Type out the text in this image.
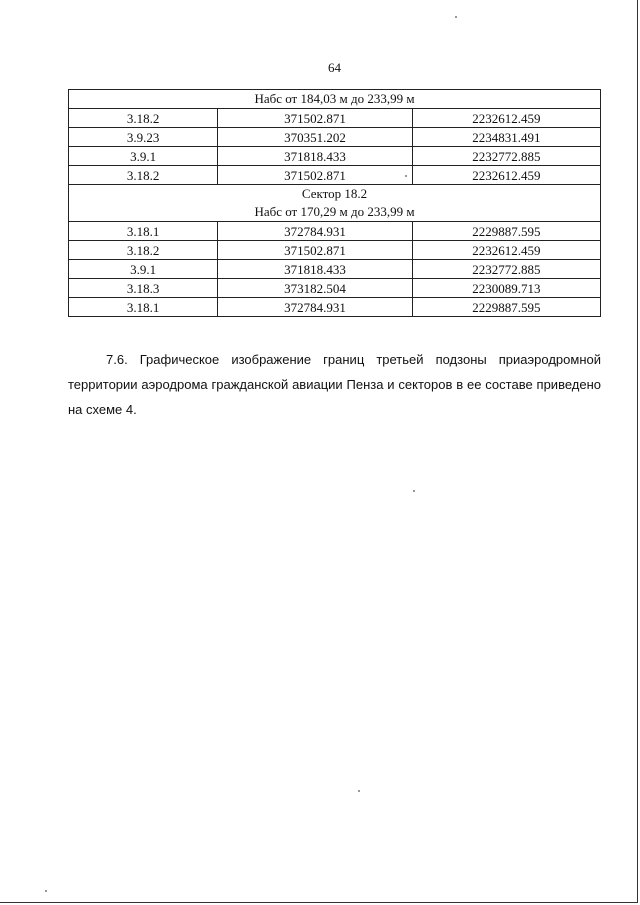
64
Набс от 184,03 м до 233,99 м		

3.18.2	371502.871	2232612.459
3.9.23	370351.202	2234831.491
3.9.1	371818.433	2232772.885
3.18.2	371502.871	2232612.459

Сектор 18.2
Набс от 170,29 м до 233,99 м		

3.18.1	372784.931	2229887.595
3.18.2	371502.871	2232612.459
3.9.1	371818.433	2232772.885
3.18.3	373182.504	2230089.713
3.18.1	372784.931	2229887.595
7.6. Графическое изображение границ третьей подзоны приаэродромной территории аэродрома гражданской авиации Пенза и секторов в ее составе приведено на схеме 4.
